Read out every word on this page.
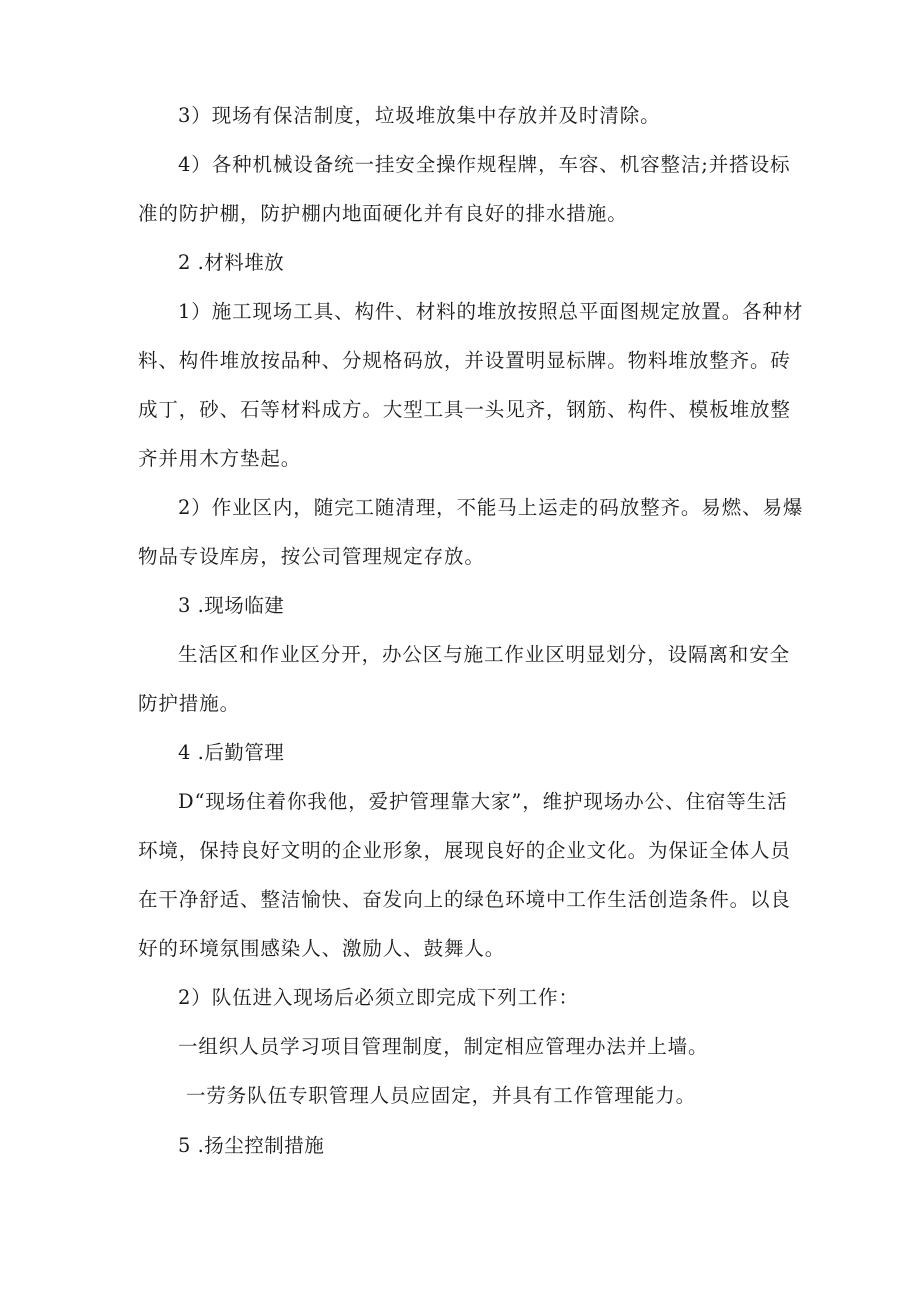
3）现场有保洁制度，垃圾堆放集中存放并及时清除。
4）各种机械设备统一挂安全操作规程牌，车容、机容整洁;并搭设标
准的防护棚，防护棚内地面硬化并有良好的排水措施。
2 .材料堆放
1）施工现场工具、构件、材料的堆放按照总平面图规定放置。各种材
料、构件堆放按品种、分规格码放，并设置明显标牌。物料堆放整齐。砖
成丁，砂、石等材料成方。大型工具一头见齐，钢筋、构件、模板堆放整
齐并用木方垫起。
2）作业区内，随完工随清理，不能马上运走的码放整齐。易燃、易爆
物品专设库房，按公司管理规定存放。
3 .现场临建
生活区和作业区分开，办公区与施工作业区明显划分，设隔离和安全
防护措施。
4 .后勤管理
D“现场住着你我他，爱护管理靠大家”，维护现场办公、住宿等生活
环境，保持良好文明的企业形象，展现良好的企业文化。为保证全体人员
在干净舒适、整洁愉快、奋发向上的绿色环境中工作生活创造条件。以良
好的环境氛围感染人、激励人、鼓舞人。
2）队伍进入现场后必须立即完成下列工作：
一组织人员学习项目管理制度，制定相应管理办法并上墙。
一劳务队伍专职管理人员应固定，并具有工作管理能力。
5 .扬尘控制措施
